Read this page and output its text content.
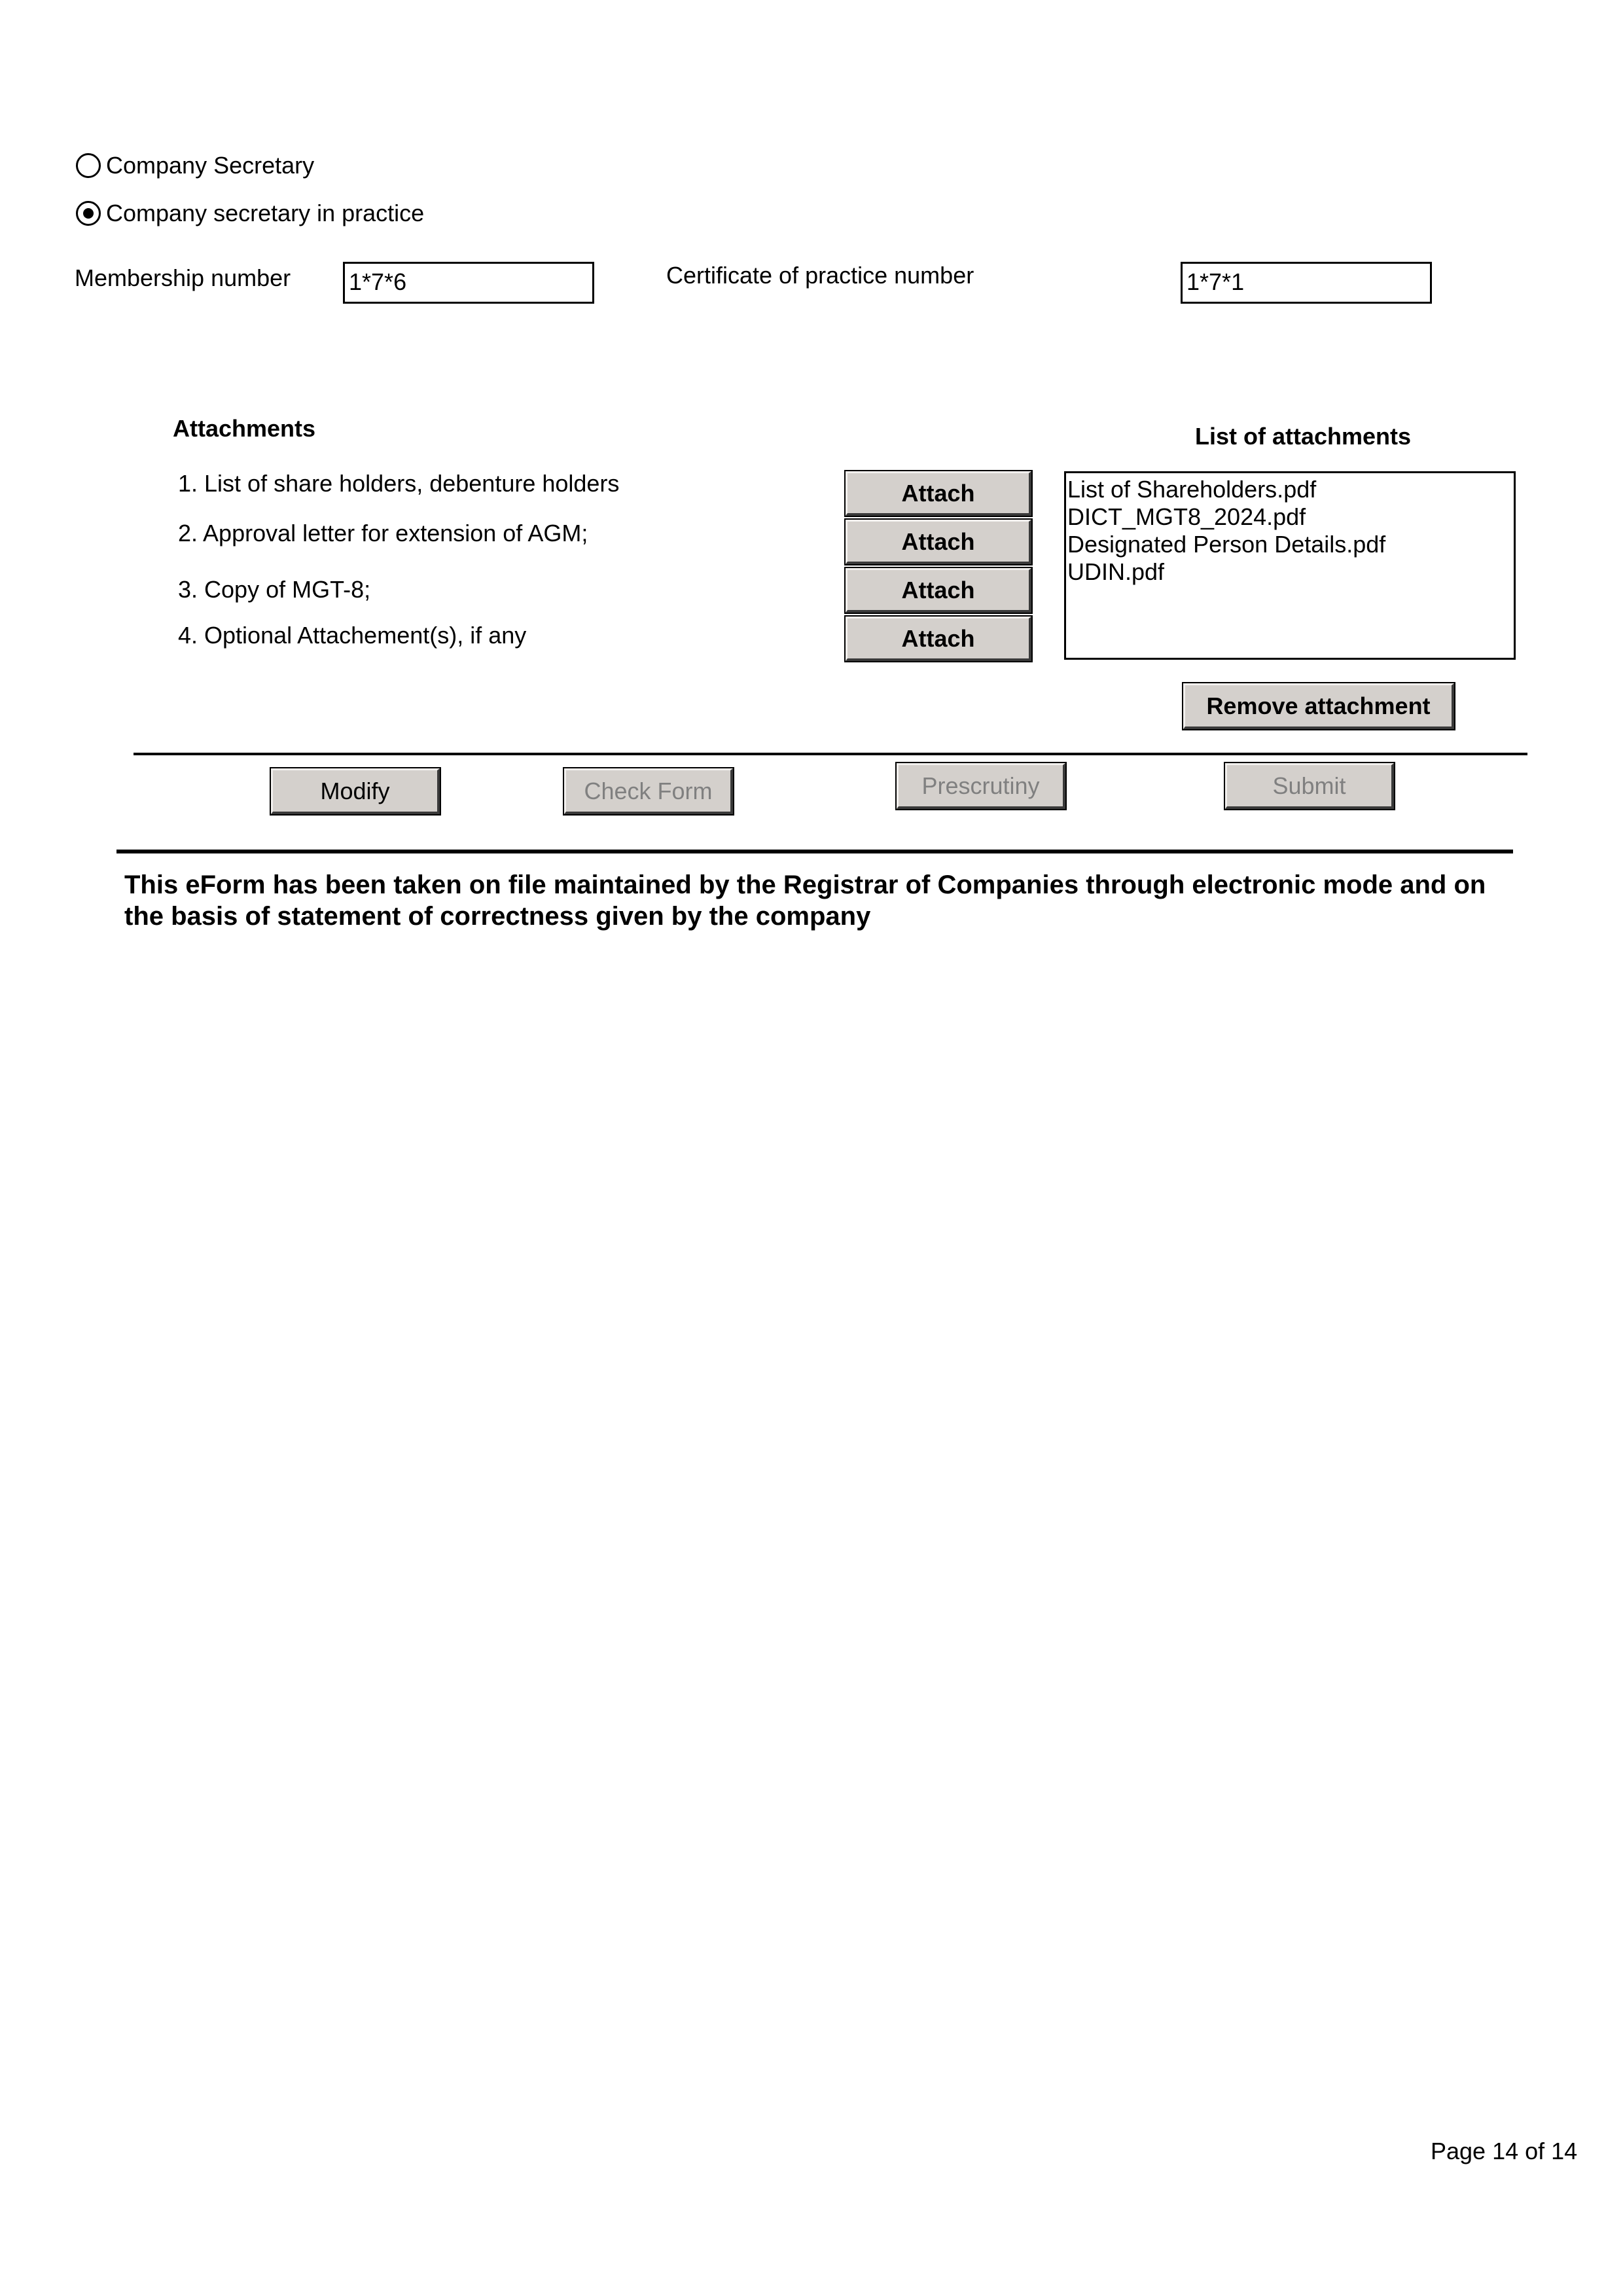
Company Secretary
Company secretary in practice
Membership number 1*7*6	Certificate of practice number	1*7*1
Attachments	List of attachments
1. List of share holders, debenture holders
2. Approval letter for extension of AGM;
3. Copy of MGT-8;
4. Optional Attachement(s), if any
Attach
Attach
Attach
Attach
List of Shareholders.pdf
DICT_MGT8_2024.pdf
Designated Person Details.pdf
UDIN.pdf
Remove attachment
Modify	Check Form	Prescrutiny	Submit
This eForm has been taken on file maintained by the Registrar of Companies through electronic mode and on the basis of statement of correctness given by the company
Page 14 of 14
